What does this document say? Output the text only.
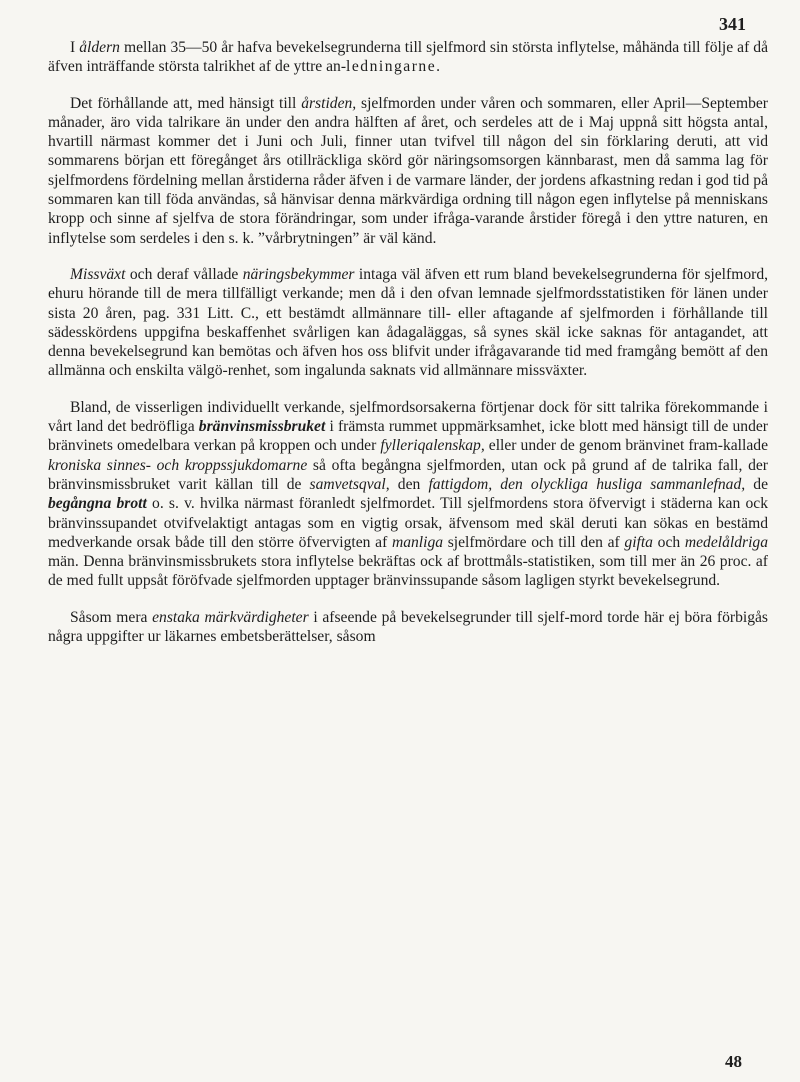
341

I åldern mellan 35—50 år hafva bevekelsegrunderna till sjelfmord sin största inflytelse, måhända till följe af då äfven inträffande största talrikhet af de yttre an-ledningarne.

Det förhållande att, med hänsigt till årstiden, sjelfmorden under våren och sommaren, eller April—September månader, äro vida talrikare än under den andra hälften af året, och serdeles att de i Maj uppnå sitt högsta antal, hvartill närmast kommer det i Juni och Juli, finner utan tvifvel till någon del sin förklaring deruti, att vid sommarens början ett föregånget års otillräckliga skörd gör näringsomsorgen kännbarast, men då samma lag för sjelfmordens fördelning mellan årstiderna råder äfven i de varmare länder, der jordens afkastning redan i god tid på sommaren kan till föda användas, så hänvisar denna märkvärdiga ordning till någon egen inflytelse på menniskans kropp och sinne af sjelfva de stora förändringar, som under ifråga-varande årstider föregå i den yttre naturen, en inflytelse som serdeles i den s. k. ”vårbrytningen” är väl känd.

Missväxt och deraf vållade näringsbekymmer intaga väl äfven ett rum bland bevekelsegrunderna för sjelfmord, ehuru hörande till de mera tillfälligt verkande; men då i den ofvan lemnade sjelfmordsstatistiken för länen under sista 20 åren, pag. 331 Litt. C., ett bestämdt allmännare till- eller aftagande af sjelfmorden i förhållande till sädesskördens uppgifna beskaffenhet svårligen kan ådagaläggas, så synes skäl icke saknas för antagandet, att denna bevekelsegrund kan bemötas och äfven hos oss blifvit under ifrågavarande tid med framgång bemött af den allmänna och enskilta välgö-renhet, som ingalunda saknats vid allmännare missväxter.

Bland, de visserligen individuellt verkande, sjelfmordsorsakerna förtjenar dock för sitt talrika förekommande i vårt land det bedröfliga bränvinsmissbruket i främsta rummet uppmärksamhet, icke blott med hänsigt till de under bränvinets omedelbara verkan på kroppen och under fylleriqalenskap, eller under de genom bränvinet fram-kallade kroniska sinnes- och kroppssjukdomarne så ofta begångna sjelfmorden, utan ock på grund af de talrika fall, der bränvinsmissbruket varit källan till de samvetsqval, den fattigdom, den olyckliga husliga sammanlefnad, de begångna brott o. s. v. hvilka närmast föranledt sjelfmordet. Till sjelfmordens stora öfvervigt i städerna kan ock bränvinssupandet otvifvelaktigt antagas som en vigtig orsak, äfvensom med skäl deruti kan sökas en bestämd medverkande orsak både till den större öfvervigten af manliga sjelfmördare och till den af gifta och medelåldriga män. Denna bränvinsmissbrukets stora inflytelse bekräftas ock af brottmåls-statistiken, som till mer än 26 proc. af de med fullt uppsåt föröfvade sjelfmorden upptager bränvinssupande såsom lagligen styrkt bevekelsegrund.

Såsom mera enstaka märkvärdigheter i afseende på bevekelsegrunder till sjelf-mord torde här ej böra förbigås några uppgifter ur läkarnes embetsberättelser, såsom

48
